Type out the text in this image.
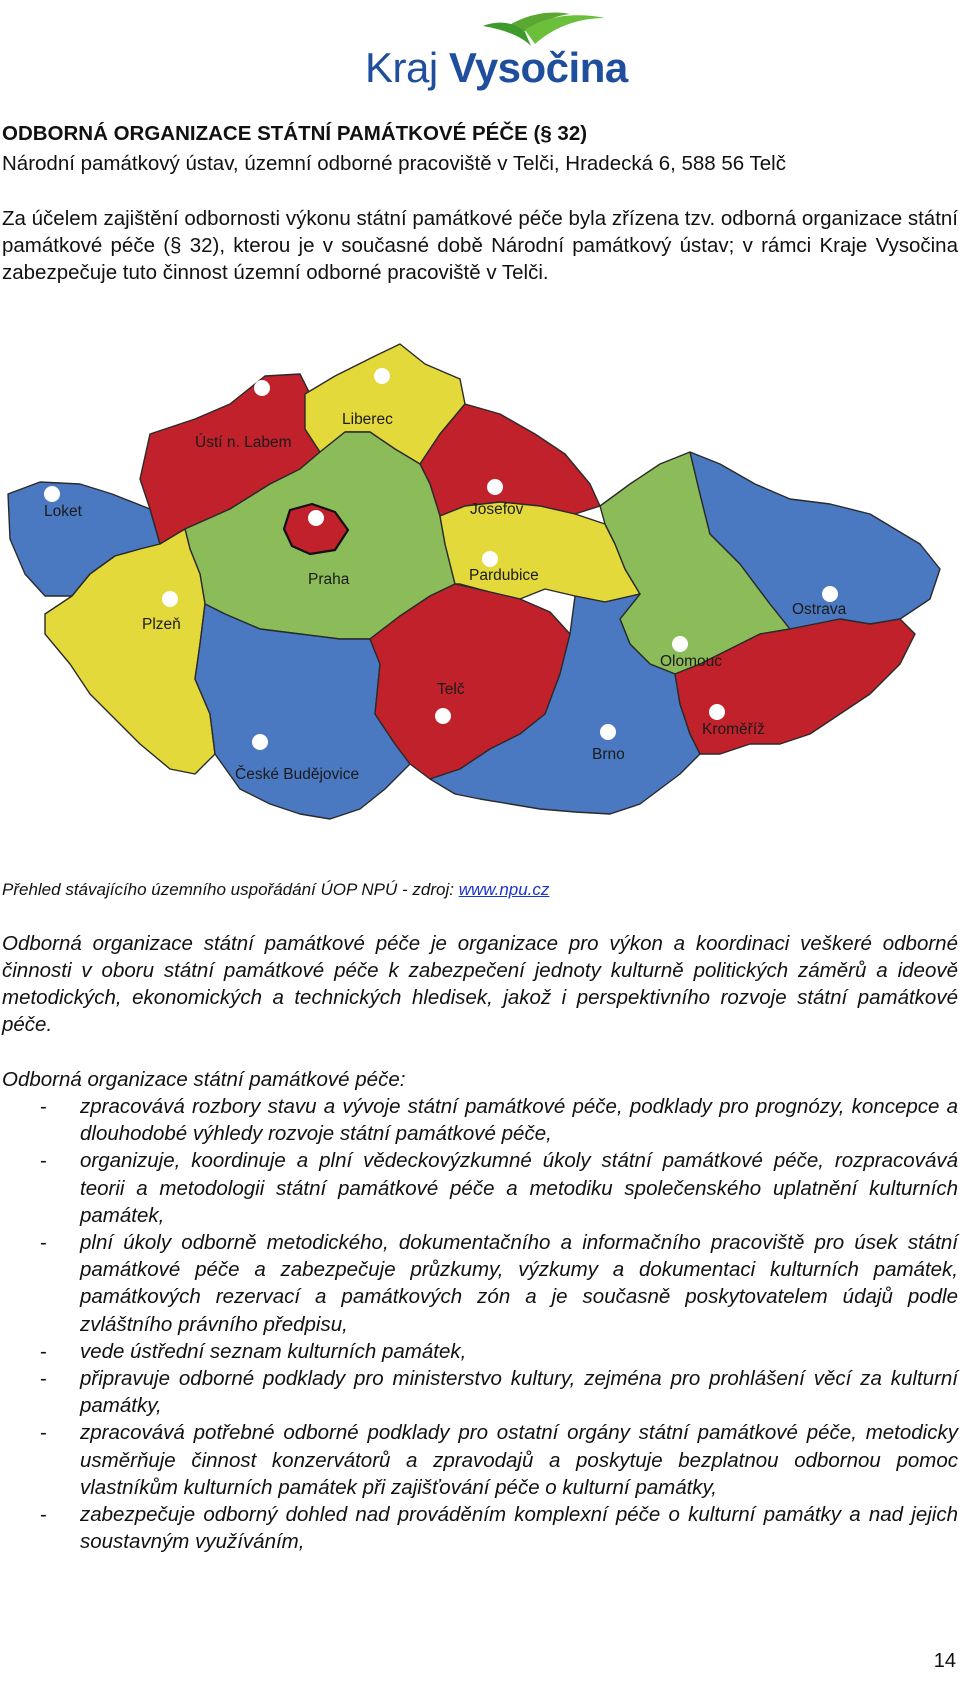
Kraj Vysočina

ODBORNÁ ORGANIZACE STÁTNÍ PAMÁTKOVÉ PÉČE (§ 32)

Národní památkový ústav, územní odborné pracoviště v Telči, Hradecká 6, 588 56 Telč

Za účelem zajištění odbornosti výkonu státní památkové péče byla zřízena tzv. odborná organizace státní památkové péče (§ 32), kterou je v současné době Národní památkový ústav; v rámci Kraje Vysočina zabezpečuje tuto činnost územní odborné pracoviště v Telči.

Ústí n. Labem
Liberec
Loket	Josefov
Praha	Pardubice
Plzeň
Ostrava
Olomouc
Telč
Kroměříž
Brno
České Budějovice
Přehled stávajícího územního uspořádání ÚOP NPÚ - zdroj: www.npu.cz

Odborná organizace státní památkové péče je organizace pro výkon a koordinaci veškeré odborné činnosti v oboru státní památkové péče k zabezpečení jednoty kulturně politických záměrů a ideově metodických, ekonomických a technických hledisek, jakož i perspektivního rozvoje státní památkové péče.

Odborná organizace státní památkové péče:

- zpracovává rozbory stavu a vývoje státní památkové péče, podklady pro prognózy, koncepce a dlouhodobé výhledy rozvoje státní památkové péče,
- organizuje, koordinuje a plní vědeckovýzkumné úkoly státní památkové péče, rozpracovává teorii a metodologii státní památkové péče a metodiku společenského uplatnění kulturních památek,
- plní úkoly odborně metodického, dokumentačního a informačního pracoviště pro úsek státní památkové péče a zabezpečuje průzkumy, výzkumy a dokumentaci kulturních památek, památkových rezervací a památkových zón a je současně poskytovatelem údajů podle zvláštního právního předpisu,
- vede ústřední seznam kulturních památek,
- připravuje odborné podklady pro ministerstvo kultury, zejména pro prohlášení věcí za kulturní památky,
- zpracovává potřebné odborné podklady pro ostatní orgány státní památkové péče, metodicky usměrňuje činnost konzervátorů a zpravodajů a poskytuje bezplatnou odbornou pomoc vlastníkům kulturních památek při zajišťování péče o kulturní památky,
- zabezpečuje odborný dohled nad prováděním komplexní péče o kulturní památky a nad jejich soustavným využíváním,
14
